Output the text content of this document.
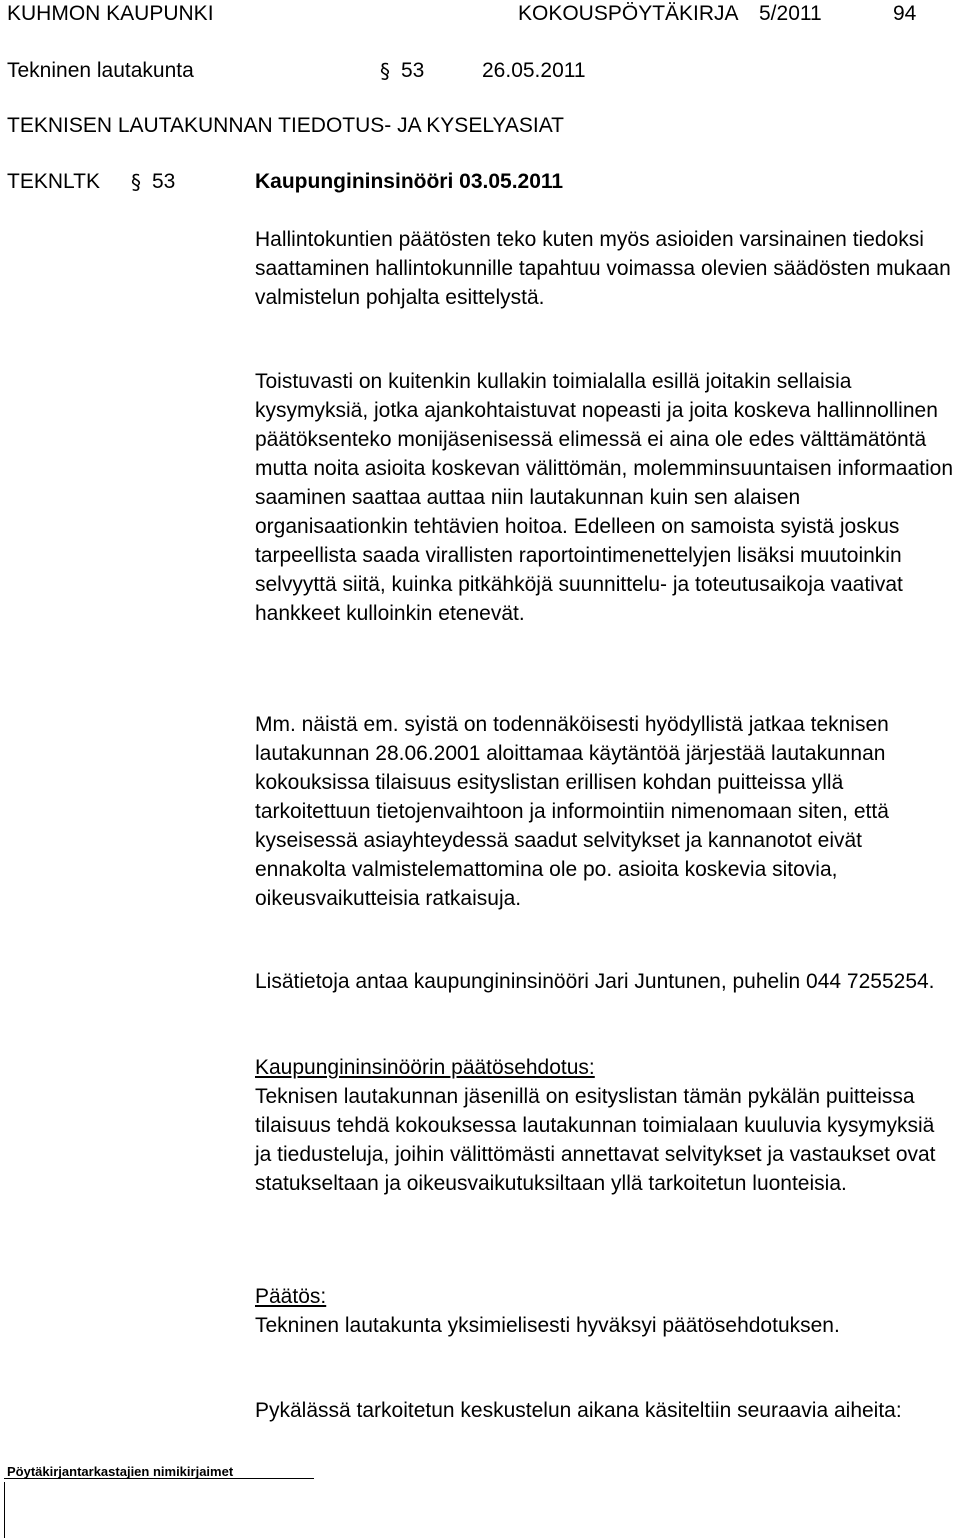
KUHMON KAUPUNKI	KOKOUSPÖYTÄKIRJA 5/2011	94
Tekninen lautakunta	§ 53	26.05.2011
TEKNISEN LAUTAKUNNAN TIEDOTUS- JA KYSELYASIAT
TEKNLTK § 53	Kaupungininsinööri 03.05.2011

Hallintokuntien päätösten teko kuten myös asioiden varsinainen tiedoksi saattaminen hallintokunnille tapahtuu voimassa olevien säädösten mukaan valmistelun pohjalta esittelystä.

Toistuvasti on kuitenkin kullakin toimialalla esillä joitakin sellaisia kysymyksiä, jotka ajankohtaistuvat nopeasti ja joita koskeva hallinnollinen päätöksenteko monijäsenisessä elimessä ei aina ole edes välttämätöntä mutta noita asioita koskevan välittömän, molemminsuuntaisen informaation saaminen saattaa auttaa niin lautakunnan kuin sen alaisen organisaationkin tehtävien hoitoa. Edelleen on samoista syistä joskus tarpeellista saada virallisten raportointimenettelyjen lisäksi muutoinkin selvyyttä siitä, kuinka pitkähköjä suunnittelu- ja toteutusaikoja vaativat hankkeet kulloinkin etenevät.

Mm. näistä em. syistä on todennäköisesti hyödyllistä jatkaa teknisen lautakunnan 28.06.2001 aloittamaa käytäntöä järjestää lautakunnan kokouksissa tilaisuus esityslistan erillisen kohdan puitteissa yllä tarkoitettuun tietojenvaihtoon ja informointiin nimenomaan siten, että kyseisessä asiayhteydessä saadut selvitykset ja kannanotot eivät ennakolta valmistelemattomina ole po. asioita koskevia sitovia, oikeusvaikutteisia ratkaisuja.

Lisätietoja antaa kaupungininsinööri Jari Juntunen, puhelin 044 7255254.

Kaupungininsinöörin päätösehdotus:

Teknisen lautakunnan jäsenillä on esityslistan tämän pykälän puitteissa tilaisuus tehdä kokouksessa lautakunnan toimialaan kuuluvia kysymyksiä ja tiedusteluja, joihin välittömästi annettavat selvitykset ja vastaukset ovat statukseltaan ja oikeusvaikutuksiltaan yllä tarkoitetun luonteisia.

Päätös:

Tekninen lautakunta yksimielisesti hyväksyi päätösehdotuksen.

Pykälässä tarkoitetun keskustelun aikana käsiteltiin seuraavia aiheita:

Pöytäkirjantarkastajien nimikirjaimet
